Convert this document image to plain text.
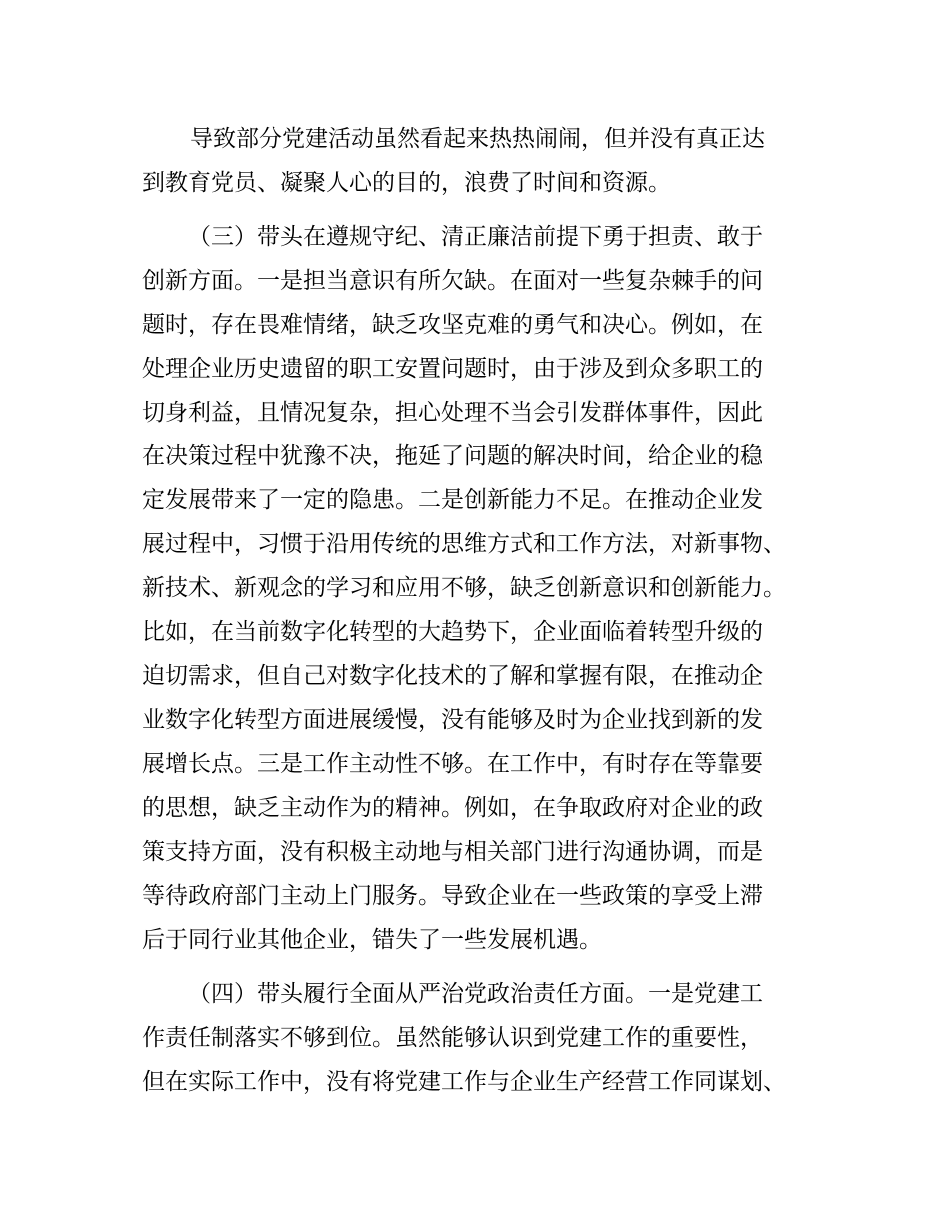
导致部分党建活动虽然看起来热热闹闹，但并没有真正达
到教育党员、凝聚人心的目的，浪费了时间和资源。
（三）带头在遵规守纪、清正廉洁前提下勇于担责、敢于
创新方面。一是担当意识有所欠缺。在面对一些复杂棘手的问
题时，存在畏难情绪，缺乏攻坚克难的勇气和决心。例如，在
处理企业历史遗留的职工安置问题时，由于涉及到众多职工的
切身利益，且情况复杂，担心处理不当会引发群体事件，因此
在决策过程中犹豫不决，拖延了问题的解决时间，给企业的稳
定发展带来了一定的隐患。二是创新能力不足。在推动企业发
展过程中，习惯于沿用传统的思维方式和工作方法，对新事物、
新技术、新观念的学习和应用不够，缺乏创新意识和创新能力。
比如，在当前数字化转型的大趋势下，企业面临着转型升级的
迫切需求，但自己对数字化技术的了解和掌握有限，在推动企
业数字化转型方面进展缓慢，没有能够及时为企业找到新的发
展增长点。三是工作主动性不够。在工作中，有时存在等靠要
的思想，缺乏主动作为的精神。例如，在争取政府对企业的政
策支持方面，没有积极主动地与相关部门进行沟通协调，而是
等待政府部门主动上门服务。导致企业在一些政策的享受上滞
后于同行业其他企业，错失了一些发展机遇。
（四）带头履行全面从严治党政治责任方面。一是党建工
作责任制落实不够到位。虽然能够认识到党建工作的重要性，
但在实际工作中，没有将党建工作与企业生产经营工作同谋划、
